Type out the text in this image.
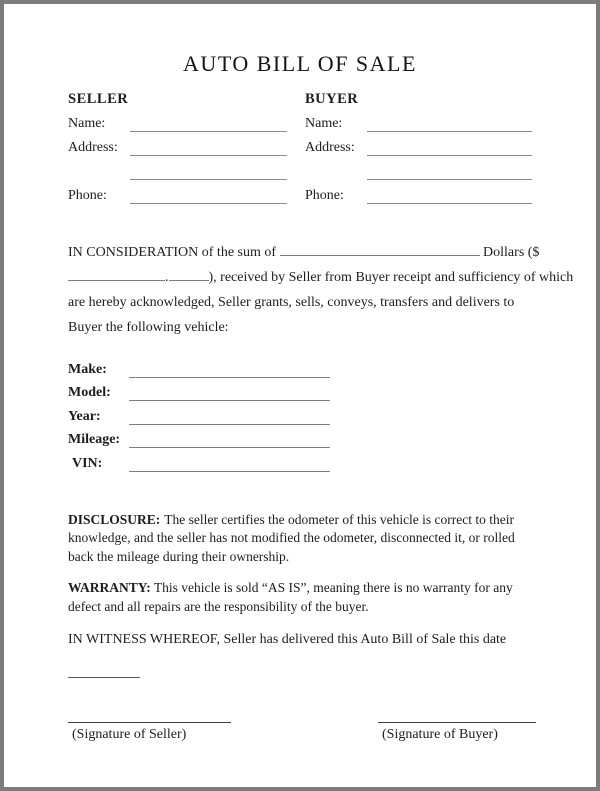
AUTO BILL OF SALE
SELLER
Name:
Address:
Phone:
BUYER
Name:
Address:
Phone:
IN CONSIDERATION of the sum of	Dollars ($
.	), received by Seller from Buyer receipt and sufficiency of which
are hereby acknowledged, Seller grants, sells, conveys, transfers and delivers to
Buyer the following vehicle:
Make:
Model:
Year:
Mileage:
VIN:

DISCLOSURE: The seller certifies the odometer of this vehicle is correct to their knowledge, and the seller has not modified the odometer, disconnected it, or rolled back the mileage during their ownership.

WARRANTY: This vehicle is sold “AS IS”, meaning there is no warranty for any defect and all repairs are the responsibility of the buyer.

IN WITNESS WHEREOF, Seller has delivered this Auto Bill of Sale this date

(Signature of Seller)	(Signature of Buyer)
